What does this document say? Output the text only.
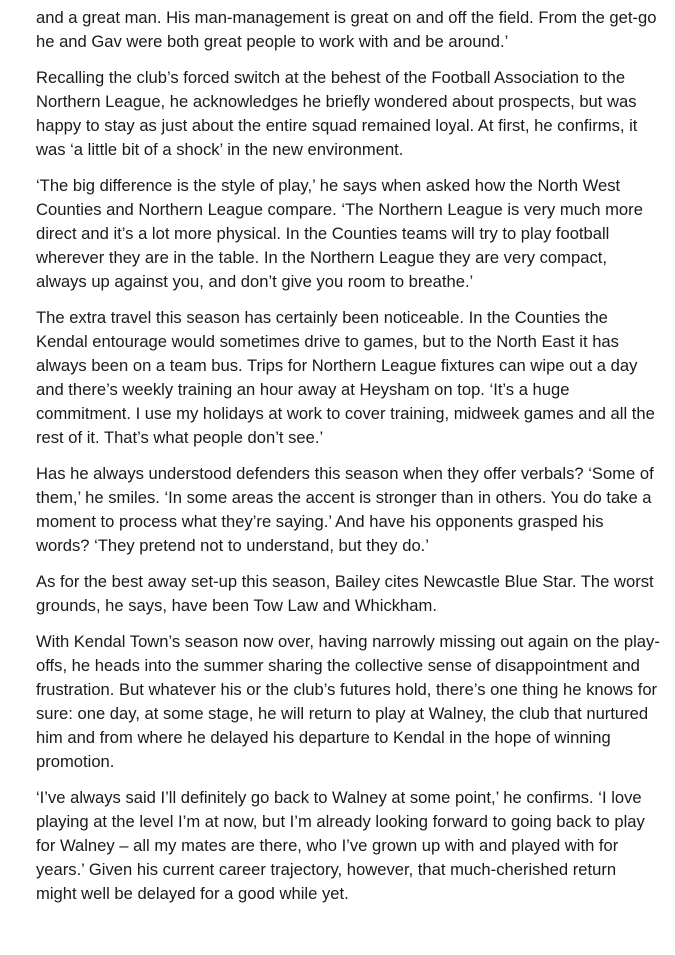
and a great man. His man-management is great on and off the field. From the get-go he and Gav were both great people to work with and be around.’

Recalling the club’s forced switch at the behest of the Football Association to the Northern League, he acknowledges he briefly wondered about prospects, but was happy to stay as just about the entire squad remained loyal. At first, he confirms, it was ‘a little bit of a shock’ in the new environment.

‘The big difference is the style of play,’ he says when asked how the North West Counties and Northern League compare. ‘The Northern League is very much more direct and it’s a lot more physical. In the Counties teams will try to play football wherever they are in the table. In the Northern League they are very compact, always up against you, and don’t give you room to breathe.’

The extra travel this season has certainly been noticeable. In the Counties the Kendal entourage would sometimes drive to games, but to the North East it has always been on a team bus. Trips for Northern League fixtures can wipe out a day and there’s weekly training an hour away at Heysham on top. ‘It’s a huge commitment. I use my holidays at work to cover training, midweek games and all the rest of it. That’s what people don’t see.’

Has he always understood defenders this season when they offer verbals? ‘Some of them,’ he smiles. ‘In some areas the accent is stronger than in others. You do take a moment to process what they’re saying.’ And have his opponents grasped his words? ‘They pretend not to understand, but they do.’

As for the best away set-up this season, Bailey cites Newcastle Blue Star. The worst grounds, he says, have been Tow Law and Whickham.

With Kendal Town’s season now over, having narrowly missing out again on the play-offs, he heads into the summer sharing the collective sense of disappointment and frustration. But whatever his or the club’s futures hold, there’s one thing he knows for sure: one day, at some stage, he will return to play at Walney, the club that nurtured him and from where he delayed his departure to Kendal in the hope of winning promotion.

‘I’ve always said I’ll definitely go back to Walney at some point,’ he confirms. ‘I love playing at the level I’m at now, but I’m already looking forward to going back to play for Walney – all my mates are there, who I’ve grown up with and played with for years.’ Given his current career trajectory, however, that much-cherished return might well be delayed for a good while yet.
